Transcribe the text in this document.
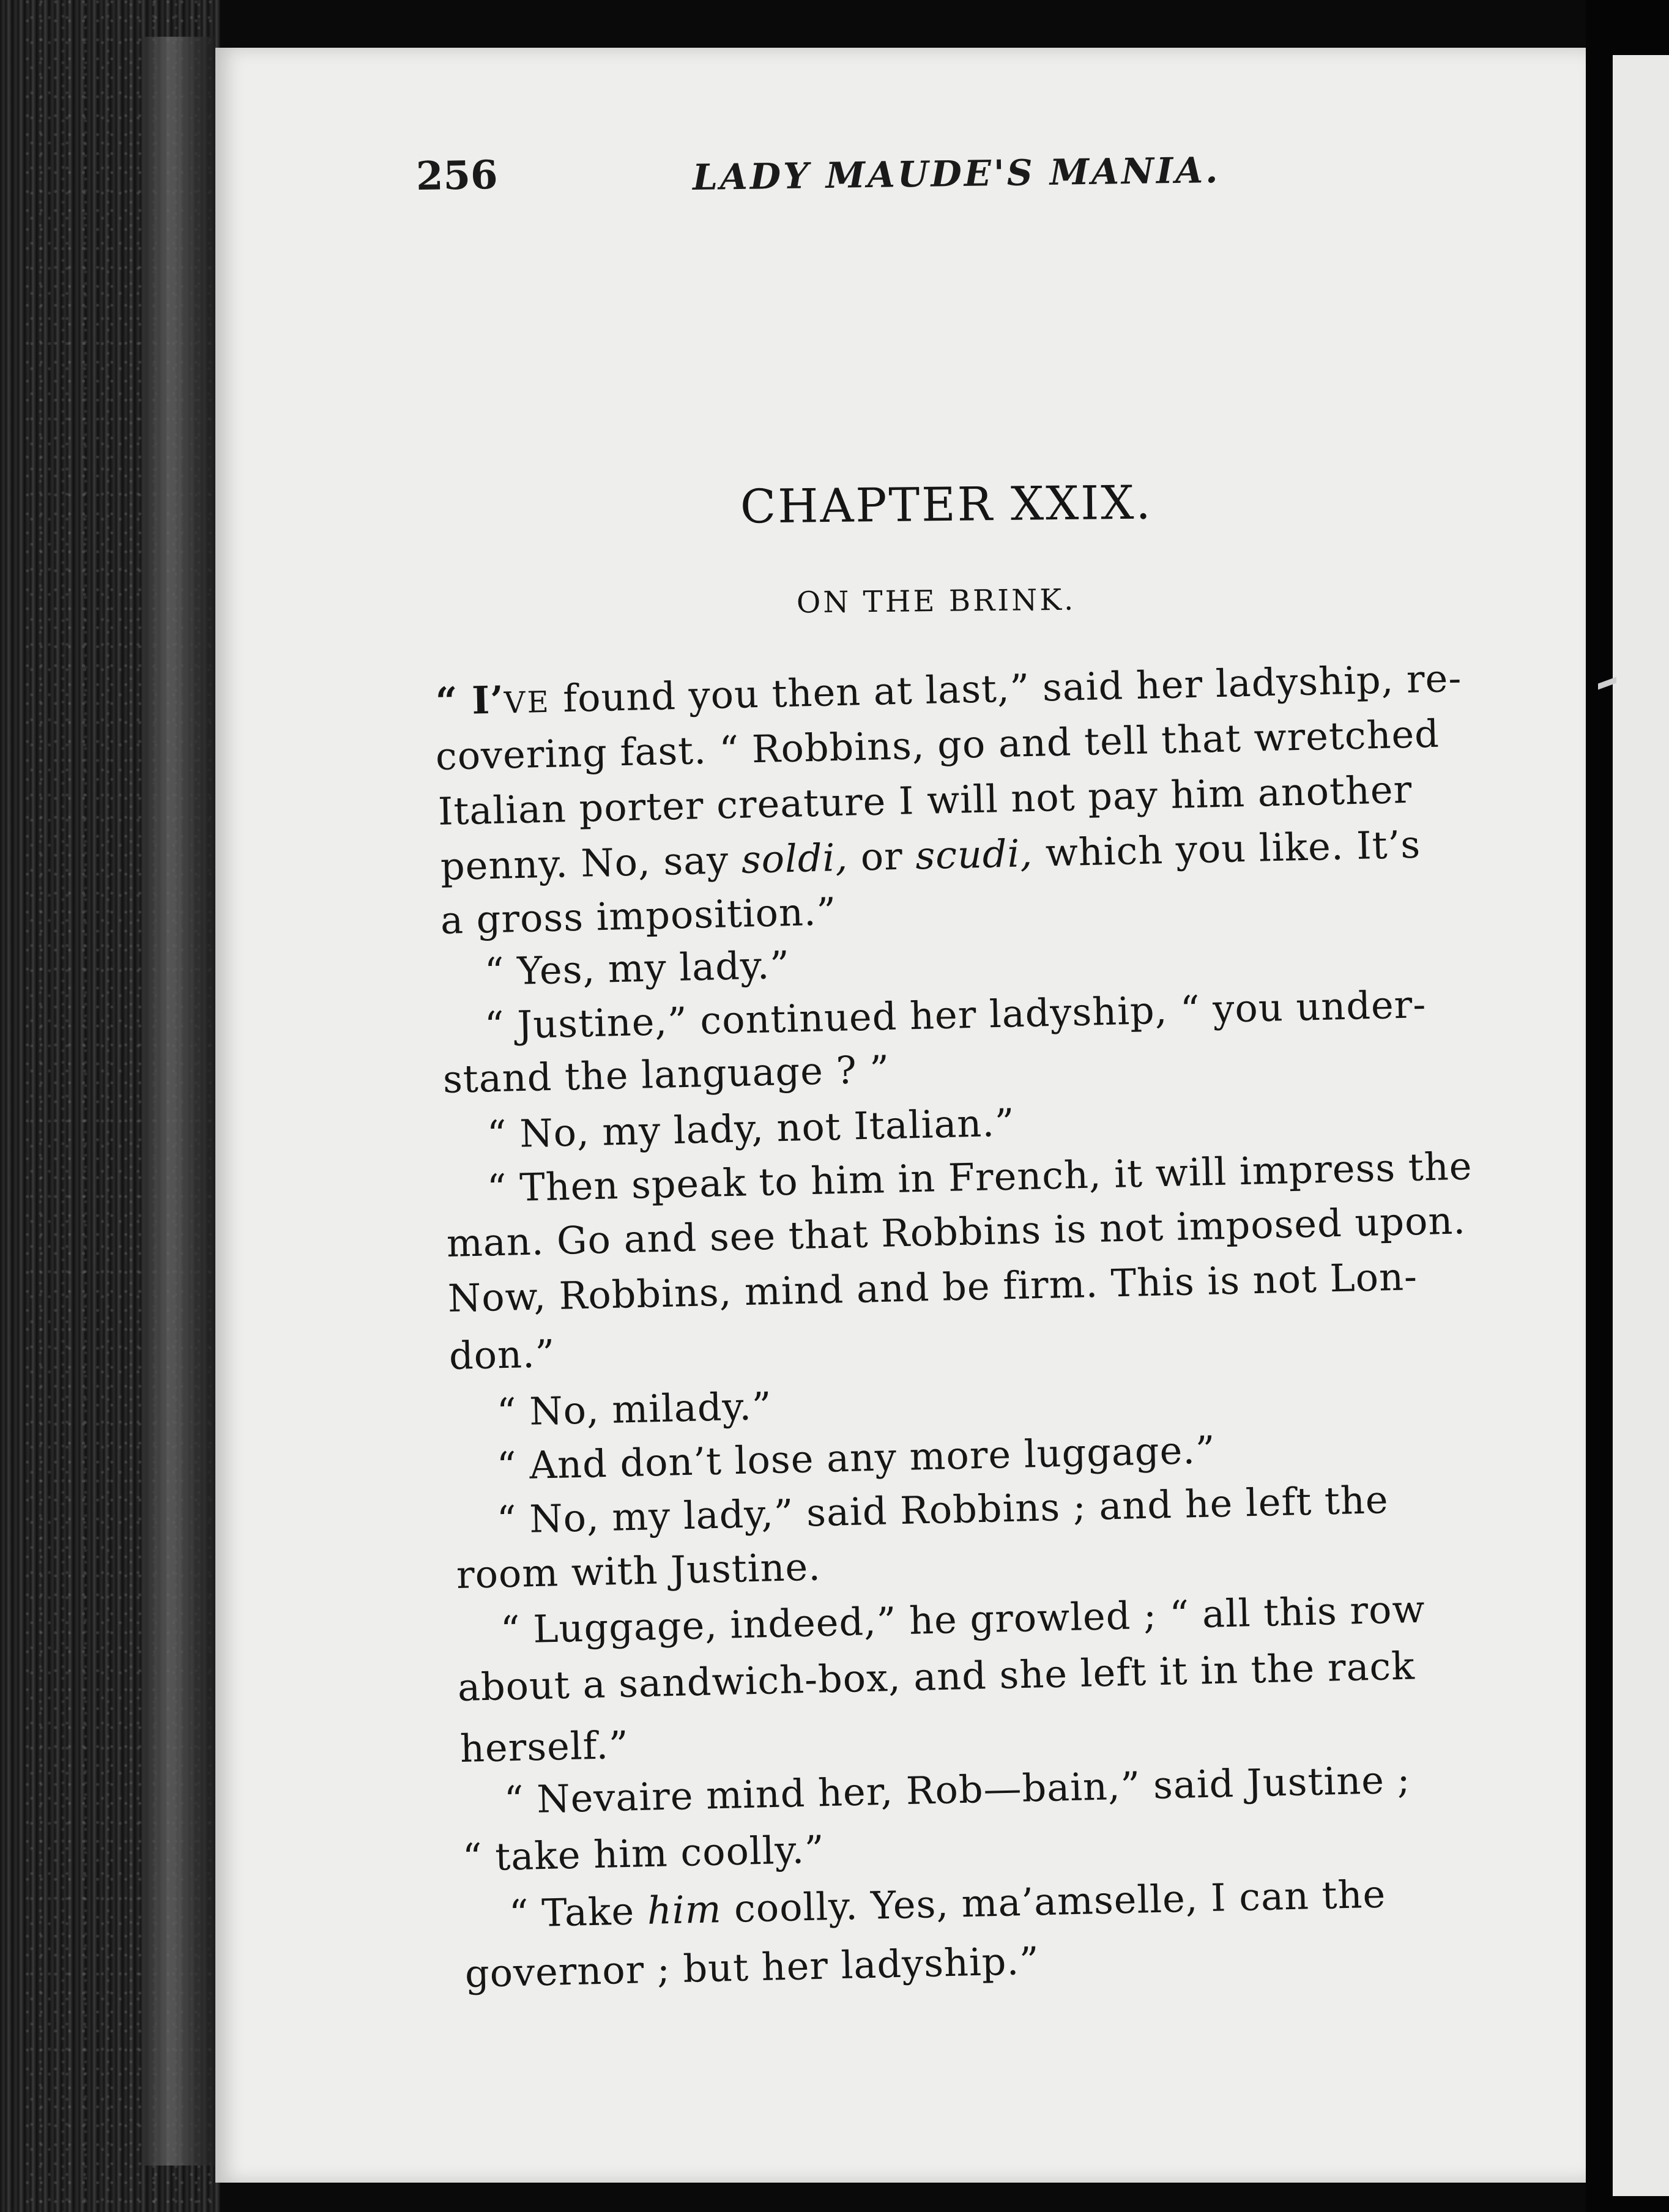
256	LADY MAUDE'S MANIA.
CHAPTER XXIX.
ON THE BRINK.
“ I’VE found you then at last,” said her ladyship, re-
covering fast. “ Robbins, go and tell that wretched
Italian porter creature I will not pay him another
penny. No, say soldi, or scudi, which you like. It’s
a gross imposition.”
“ Yes, my lady.”
“ Justine,” continued her ladyship, “ you under-
stand the language ? ”
“ No, my lady, not Italian.”
“ Then speak to him in French, it will impress the
man. Go and see that Robbins is not imposed upon.
Now, Robbins, mind and be firm. This is not Lon-
don.”
“ No, milady.”
“ And don’t lose any more luggage.”
“ No, my lady,” said Robbins ; and he left the
room with Justine.
“ Luggage, indeed,” he growled ; “ all this row
about a sandwich-box, and she left it in the rack
herself.”
“ Nevaire mind her, Rob—bain,” said Justine ;
“ take him coolly.”
“ Take him coolly. Yes, ma’amselle, I can the
governor ; but her ladyship.”
